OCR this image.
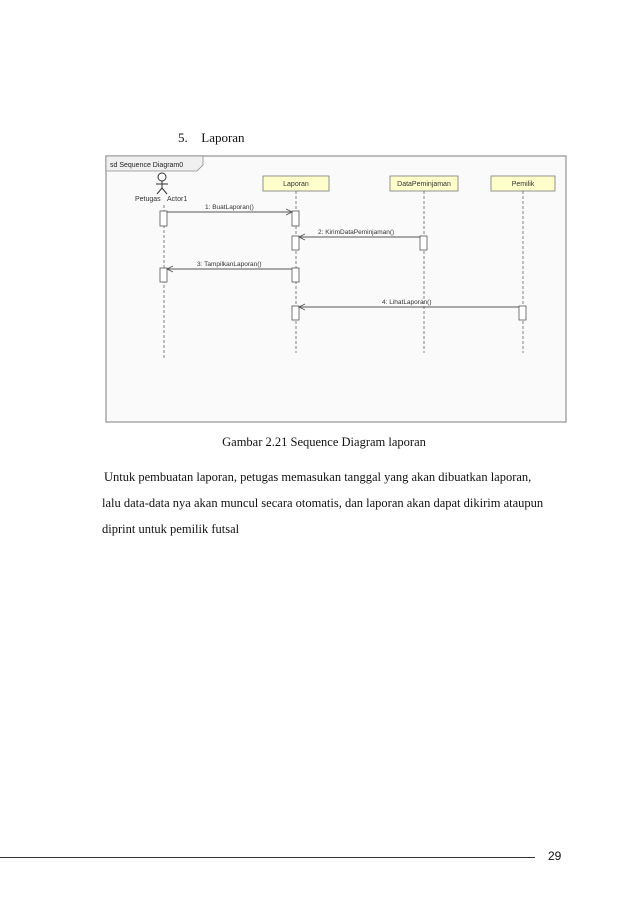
5. Laporan
sd Sequence Diagram0
Petugas Actor1
Laporan	DataPeminjaman	Pemilik
1: BuatLaporan()
2: KirimDataPeminjaman()
3: TampilkanLaporan()
4: LihatLaporan()
Gambar 2.21 Sequence Diagram laporan
Untuk pembuatan laporan, petugas memasukan tanggal yang akan dibuatkan laporan,
lalu data-data nya akan muncul secara otomatis, dan laporan akan dapat dikirim ataupun
diprint untuk pemilik futsal
29
